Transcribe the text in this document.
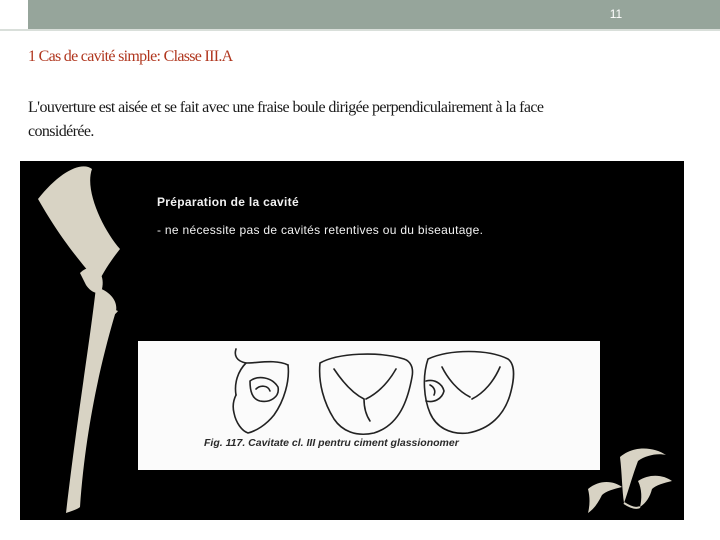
11
1 Cas de cavité simple: Classe III.A
L'ouverture est aisée et se fait avec une fraise boule dirigée perpendiculairement à la face
considérée.
Préparation de la cavité
- ne nécessite pas de cavités retentives ou du biseautage.
Fig. 117. Cavitate cl. III pentru ciment glassionomer
